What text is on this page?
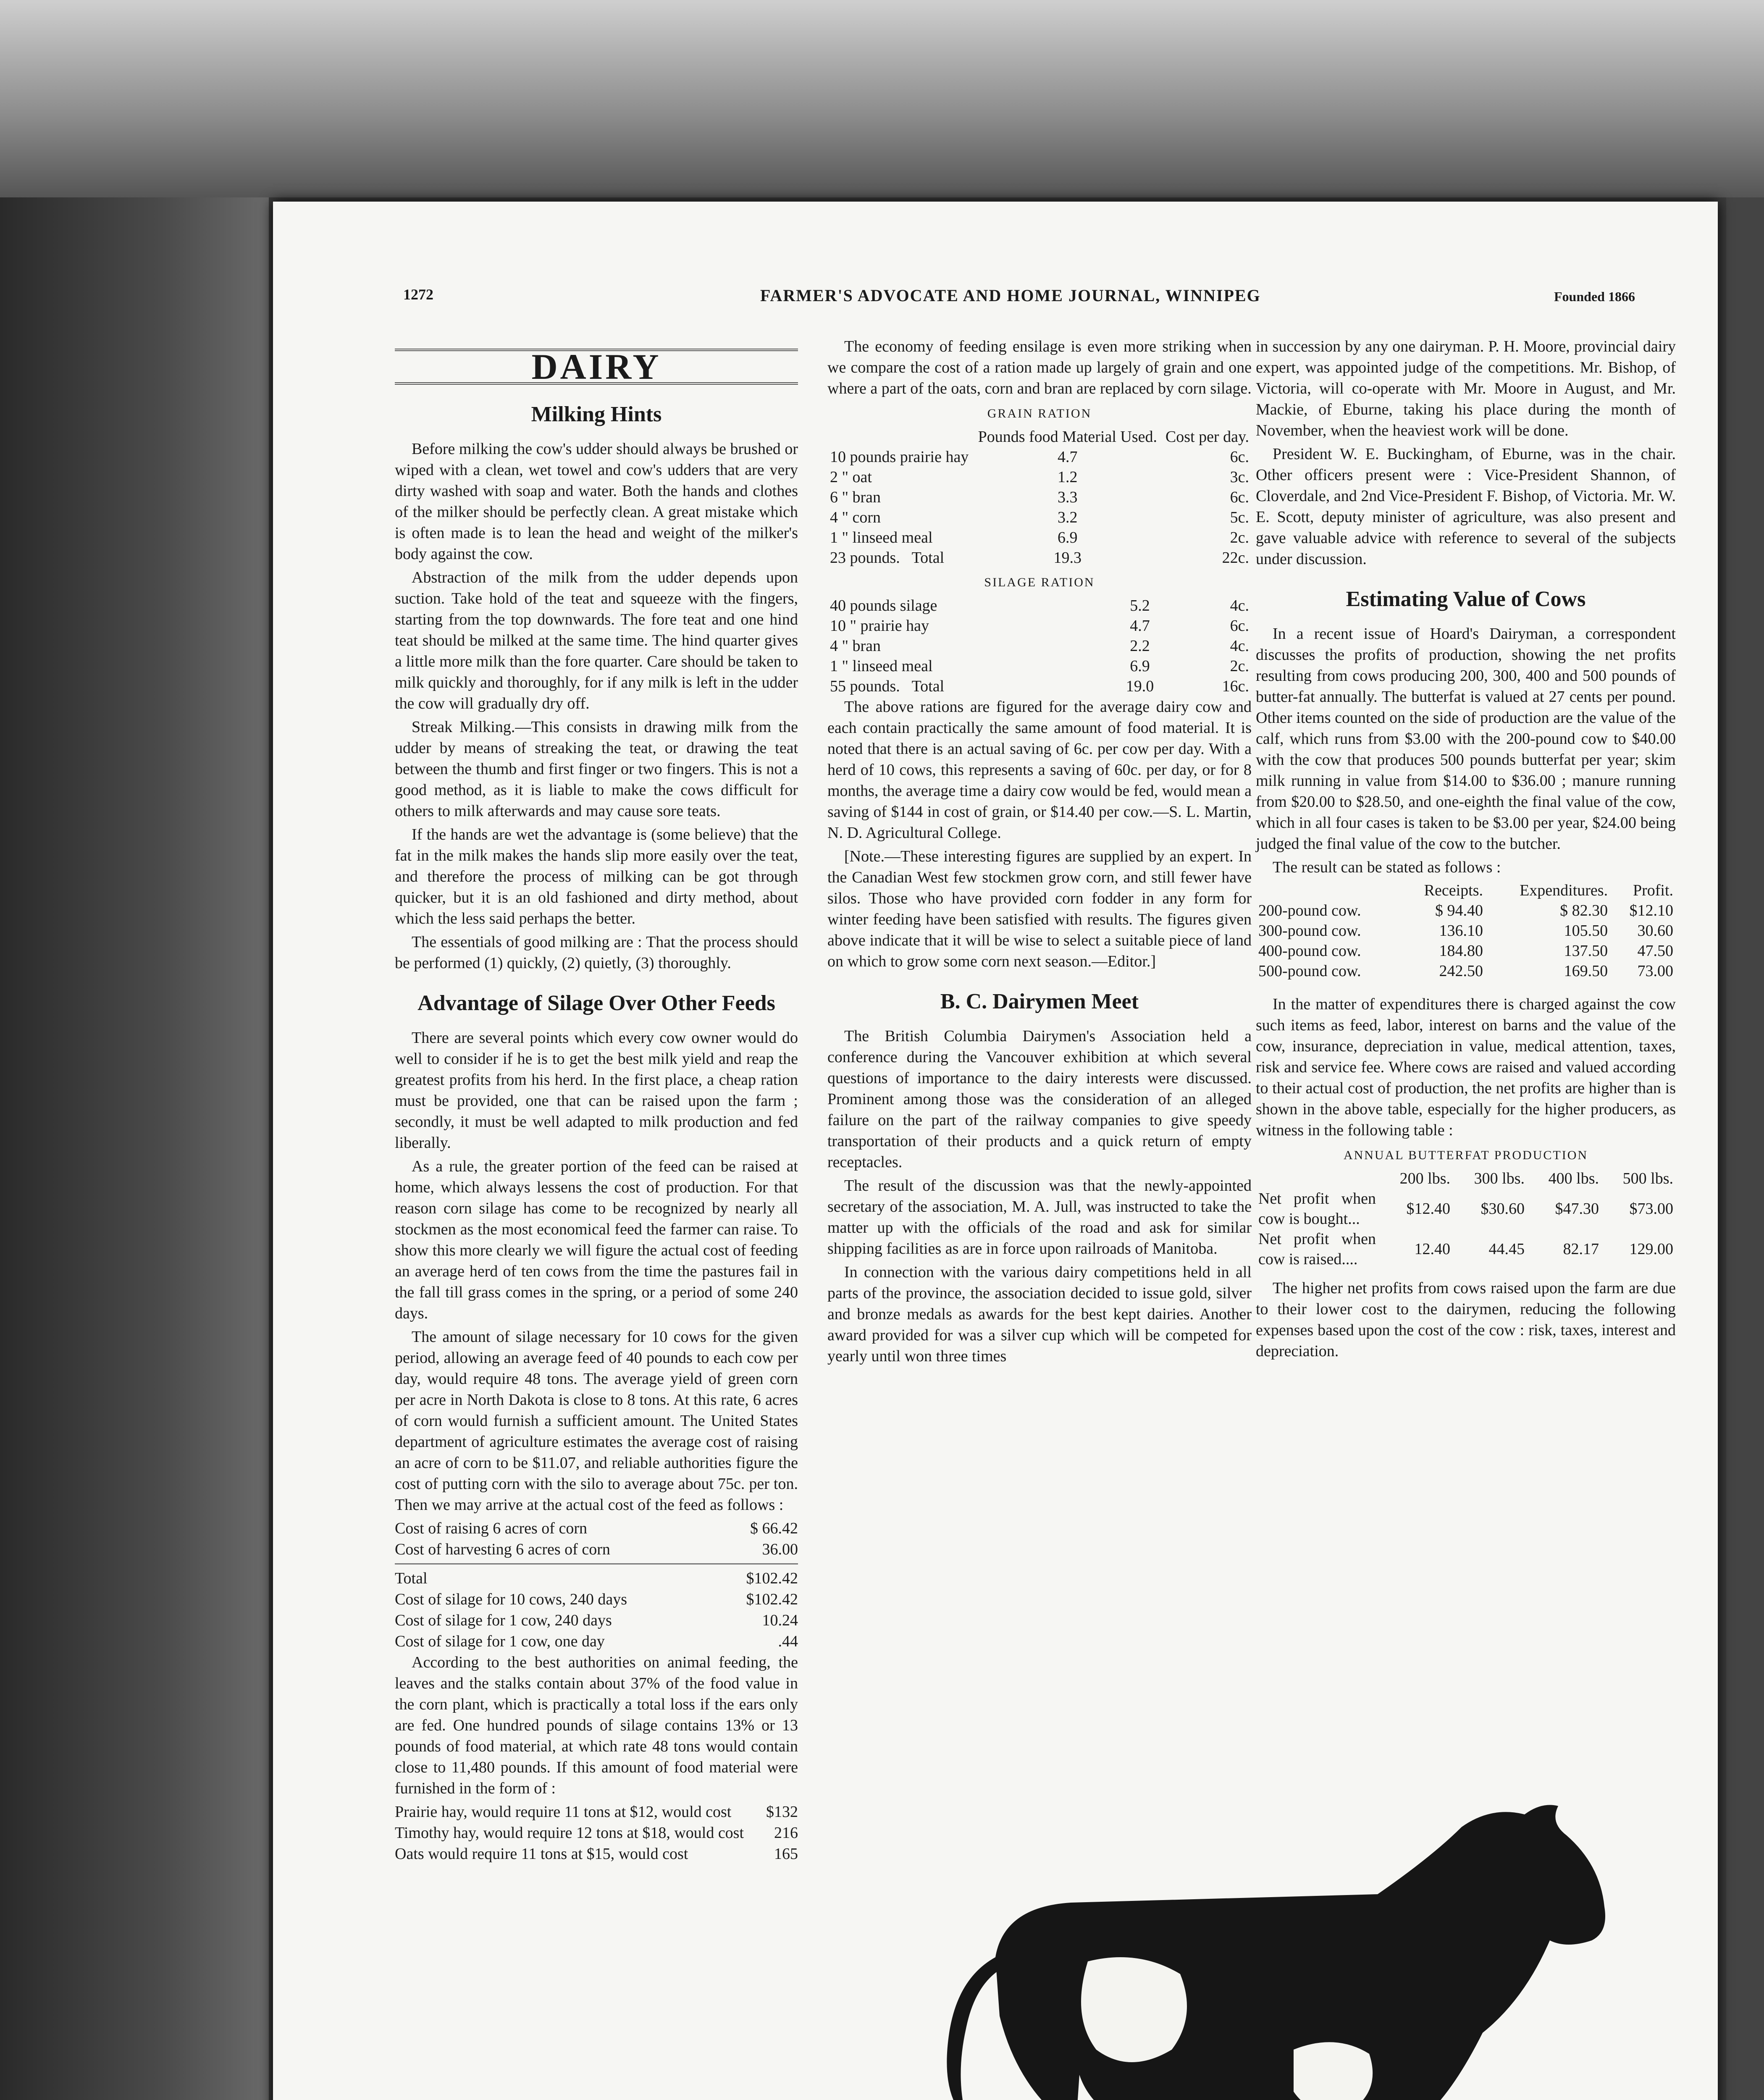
1272	FARMER'S ADVOCATE AND HOME JOURNAL, WINNIPEG	Founded 1866
DAIRY
Milking Hints

Before milking the cow's udder should always be brushed or wiped with a clean, wet towel and cow's udders that are very dirty washed with soap and water. Both the hands and clothes of the milker should be perfectly clean. A great mistake which is often made is to lean the head and weight of the milker's body against the cow.

Abstraction of the milk from the udder depends upon suction. Take hold of the teat and squeeze with the fingers, starting from the top downwards. The fore teat and one hind teat should be milked at the same time. The hind quarter gives a little more milk than the fore quarter. Care should be taken to milk quickly and thoroughly, for if any milk is left in the udder the cow will gradually dry off.

Streak Milking.—This consists in drawing milk from the udder by means of streaking the teat, or drawing the teat between the thumb and first finger or two fingers. This is not a good method, as it is liable to make the cows difficult for others to milk afterwards and may cause sore teats.

If the hands are wet the advantage is (some believe) that the fat in the milk makes the hands slip more easily over the teat, and therefore the process of milking can be got through quicker, but it is an old fashioned and dirty method, about which the less said perhaps the better.

The essentials of good milking are : That the process should be performed (1) quickly, (2) quietly, (3) thoroughly.

Advantage of Silage Over Other Feeds

There are several points which every cow owner would do well to consider if he is to get the best milk yield and reap the greatest profits from his herd. In the first place, a cheap ration must be provided, one that can be raised upon the farm ; secondly, it must be well adapted to milk production and fed liberally.

As a rule, the greater portion of the feed can be raised at home, which always lessens the cost of production. For that reason corn silage has come to be recognized by nearly all stockmen as the most economical feed the farmer can raise. To show this more clearly we will figure the actual cost of feeding an average herd of ten cows from the time the pastures fail in the fall till grass comes in the spring, or a period of some 240 days.

The amount of silage necessary for 10 cows for the given period, allowing an average feed of 40 pounds to each cow per day, would require 48 tons. The average yield of green corn per acre in North Dakota is close to 8 tons. At this rate, 6 acres of corn would furnish a sufficient amount. The United States department of agriculture estimates the average cost of raising an acre of corn to be $11.07, and reliable authorities figure the cost of putting corn with the silo to average about 75c. per ton. Then we may arrive at the actual cost of the feed as follows :

Cost of raising 6 acres of corn	$ 66.42
Cost of harvesting 6 acres of corn	36.00
Total	$102.42
Cost of silage for 10 cows, 240 days	$102.42
Cost of silage for 1 cow, 240 days	10.24
Cost of silage for 1 cow, one day	.44

According to the best authorities on animal feeding, the leaves and the stalks contain about 37% of the food value in the corn plant, which is practically a total loss if the ears only are fed. One hundred pounds of silage contains 13% or 13 pounds of food material, at which rate 48 tons would contain close to 11,480 pounds. If this amount of food material were furnished in the form of :

Prairie hay, would require 11 tons at $12, would cost $132
Timothy hay, would require 12 tons at $18, would cost 216
Oats would require 11 tons at $15, would cost	165

The economy of feeding ensilage is even more striking when we compare the cost of a ration made up largely of grain and one where a part of the oats, corn and bran are replaced by corn silage.

GRAIN RATION
	Pounds food Material Used.	Cost per day.
10 pounds prairie hay	4.7	6c.
2 " oat	1.2	3c.
6 " bran	3.3	6c.
4 " corn	3.2	5c.
1 " linseed meal	6.9	2c.
23 pounds. Total	19.3	22c.
SILAGE RATION
40 pounds silage	5.2	4c.
10 " prairie hay	4.7	6c.
4 " bran	2.2	4c.
1 " linseed meal	6.9	2c.
55 pounds. Total	19.0	16c.

The above rations are figured for the average dairy cow and each contain practically the same amount of food material. It is noted that there is an actual saving of 6c. per cow per day. With a herd of 10 cows, this represents a saving of 60c. per day, or for 8 months, the average time a dairy cow would be fed, would mean a saving of $144 in cost of grain, or $14.40 per cow.—S. L. Martin, N. D. Agricultural College.

[Note.—These interesting figures are supplied by an expert. In the Canadian West few stockmen grow corn, and still fewer have silos. Those who have provided corn fodder in any form for winter feeding have been satisfied with results. The figures given above indicate that it will be wise to select a suitable piece of land on which to grow some corn next season.—Editor.]

B. C. Dairymen Meet

The British Columbia Dairymen's Association held a conference during the Vancouver exhibition at which several questions of importance to the dairy interests were discussed. Prominent among those was the consideration of an alleged failure on the part of the railway companies to give speedy transportation of their products and a quick return of empty receptacles.

The result of the discussion was that the newly-appointed secretary of the association, M. A. Jull, was instructed to take the matter up with the officials of the road and ask for similar shipping facilities as are in force upon railroads of Manitoba.

In connection with the various dairy competitions held in all parts of the province, the association decided to issue gold, silver and bronze medals as awards for the best kept dairies. Another award provided for was a silver cup which will be competed for yearly until won three times

in succession by any one dairyman. P. H. Moore, provincial dairy expert, was appointed judge of the competitions. Mr. Bishop, of Victoria, will co-operate with Mr. Moore in August, and Mr. Mackie, of Eburne, taking his place during the month of November, when the heaviest work will be done.

President W. E. Buckingham, of Eburne, was in the chair. Other officers present were : Vice-President Shannon, of Cloverdale, and 2nd Vice-President F. Bishop, of Victoria. Mr. W. E. Scott, deputy minister of agriculture, was also present and gave valuable advice with reference to several of the subjects under discussion.

Estimating Value of Cows

In a recent issue of Hoard's Dairyman, a correspondent discusses the profits of production, showing the net profits resulting from cows producing 200, 300, 400 and 500 pounds of butter-fat annually. The butterfat is valued at 27 cents per pound. Other items counted on the side of production are the value of the calf, which runs from $3.00 with the 200-pound cow to $40.00 with the cow that produces 500 pounds butterfat per year; skim milk running in value from $14.00 to $36.00 ; manure running from $20.00 to $28.50, and one-eighth the final value of the cow, which in all four cases is taken to be $3.00 per year, $24.00 being judged the final value of the cow to the butcher.

The result can be stated as follows :

	Receipts.	Expenditures.	Profit.
200-pound cow.	$ 94.40	$ 82.30	$12.10
300-pound cow.	136.10	105.50	30.60
400-pound cow.	184.80	137.50	47.50
500-pound cow.	242.50	169.50	73.00

In the matter of expenditures there is charged against the cow such items as feed, labor, interest on barns and the value of the cow, insurance, depreciation in value, medical attention, taxes, risk and service fee. Where cows are raised and valued according to their actual cost of production, the net profits are higher than is shown in the above table, especially for the higher producers, as witness in the following table :

ANNUAL BUTTERFAT PRODUCTION
	200 lbs.	300 lbs.	400 lbs.	500 lbs.
Net profit when cow is bought...	$12.40	$30.60	$47.30	$73.00
Net profit when cow is raised....	12.40	44.45	82.17	129.00

The higher net profits from cows raised upon the farm are due to their lower cost to the dairymen, reducing the following expenses based upon the cost of the cow : risk, taxes, interest and depreciation.
